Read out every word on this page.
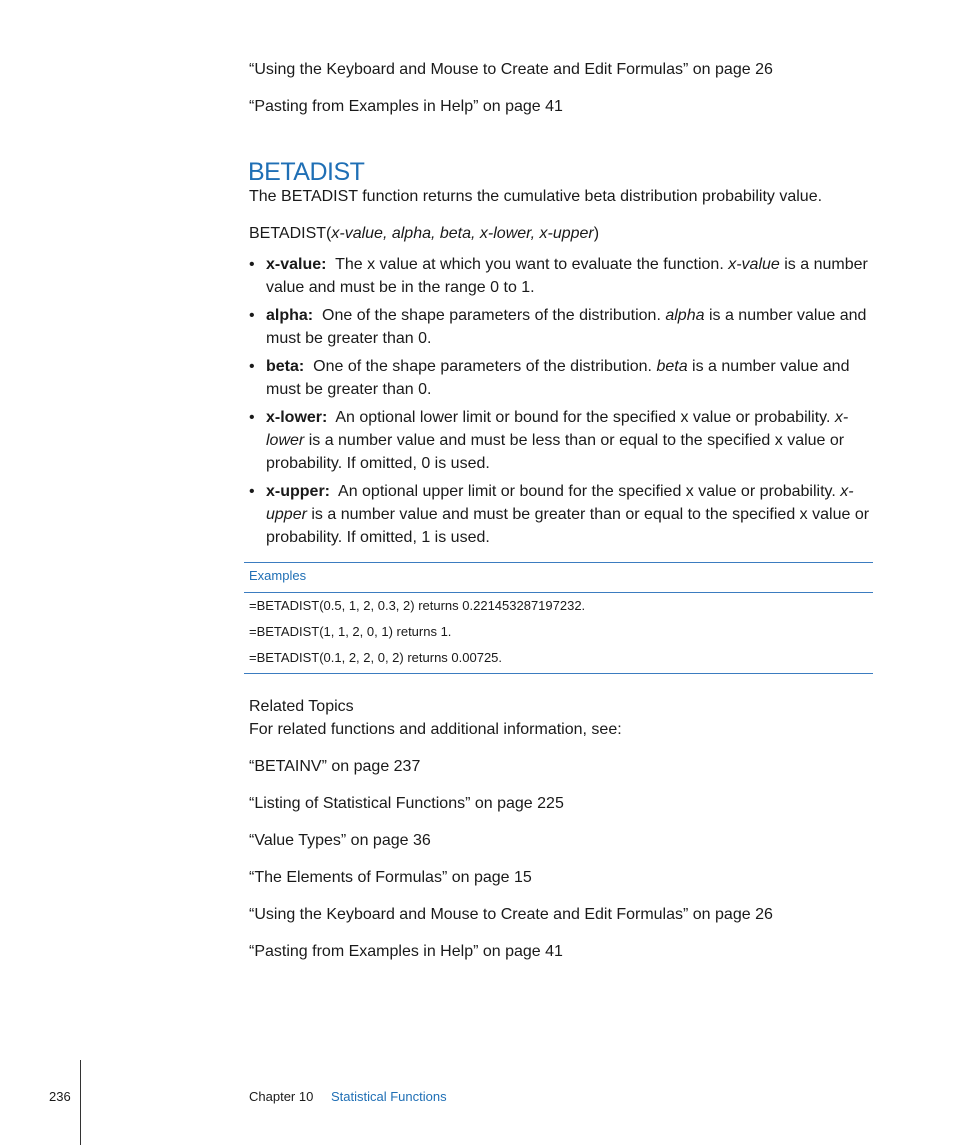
“Using the Keyboard and Mouse to Create and Edit Formulas” on page 26
“Pasting from Examples in Help” on page 41
BETADIST
The BETADIST function returns the cumulative beta distribution probability value.
BETADIST(x-value, alpha, beta, x-lower, x-upper)
• x-value: The x value at which you want to evaluate the function. x-value is a number value and must be in the range 0 to 1.
• alpha: One of the shape parameters of the distribution. alpha is a number value and must be greater than 0.
• beta: One of the shape parameters of the distribution. beta is a number value and must be greater than 0.
• x-lower: An optional lower limit or bound for the specified x value or probability. x-lower is a number value and must be less than or equal to the specified x value or probability. If omitted, 0 is used.
• x-upper: An optional upper limit or bound for the specified x value or probability. x-upper is a number value and must be greater than or equal to the specified x value or probability. If omitted, 1 is used.
Examples
=BETADIST(0.5, 1, 2, 0.3, 2) returns 0.221453287197232.
=BETADIST(1, 1, 2, 0, 1) returns 1.
=BETADIST(0.1, 2, 2, 0, 2) returns 0.00725.
Related Topics
For related functions and additional information, see:
“BETAINV” on page 237
“Listing of Statistical Functions” on page 225
“Value Types” on page 36
“The Elements of Formulas” on page 15
“Using the Keyboard and Mouse to Create and Edit Formulas” on page 26
“Pasting from Examples in Help” on page 41
236	Chapter 10 Statistical Functions
